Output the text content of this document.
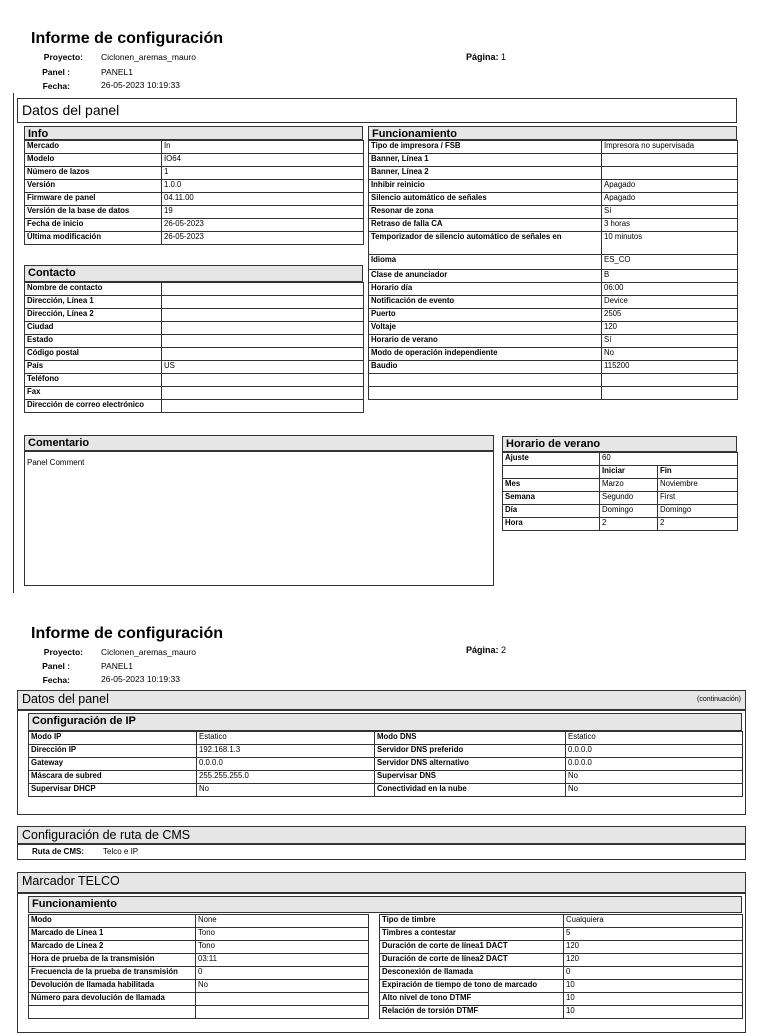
Informe de configuración
Proyecto: Ciclonen_aremas_mauro
Panel :	PANEL1
Fecha:	26-05-2023 10:19:33
Página: 1
Datos del panel
Info
Mercado	In
Modelo	IO64
Número de lazos	1
Versión	1.0.0
Firmware de panel	04.11.00
Versión de la base de datos	19
Fecha de inicio	26-05-2023
Última modificación	26-05-2023
Contacto
Nombre de contacto	
Dirección, Línea 1	
Dirección, Línea 2	
Ciudad	
Estado	
Código postal	
País	US
Teléfono	
Fax	
Dirección de correo electrónico	
Funcionamiento
Tipo de impresora / FSB	Impresora no supervisada
Banner, Línea 1	
Banner, Línea 2	
Inhibir reinicio	Apagado
Silencio automático de señales	Apagado
Resonar de zona	Sí
Retraso de falla CA	3 horas
Temporizador de silencio automático de señales en	10 minutos
Idioma	ES_CO
Clase de anunciador	B
Horario día	06:00
Notificación de evento	Device
Puerto	2505
Voltaje	120
Horario de verano	Sí
Modo de operación independiente	No
Baudio	115200

Comentario
Panel Comment
Horario de verano
Ajuste	60	
	Iniciar	Fin
Mes	Marzo	Noviembre
Semana	Segundo	First
Día	Domingo	Domingo
Hora	2	2
Informe de configuración
Proyecto: Ciclonen_aremas_mauro
Panel :	PANEL1
Fecha:	26-05-2023 10:19:33
Página: 2
Datos del panel	(continuación)
Configuración de IP
Modo IP	Estatico	Modo DNS	Estatico
Dirección IP	192.168.1.3	Servidor DNS preferido	0.0.0.0
Gateway	0.0.0.0	Servidor DNS alternativo	0.0.0.0
Máscara de subred	255.255.255.0	Supervisar DNS	No
Supervisar DHCP	No	Conectividad en la nube	No
Configuración de ruta de CMS
Ruta de CMS: Telco e IP
Marcador TELCO
Funcionamiento
Modo	None
Marcado de Línea 1	Tono
Marcado de Línea 2	Tono
Hora de prueba de la transmisión	03:11
Frecuencia de la prueba de transmisión	0
Devolución de llamada habilitada	No
Número para devolución de llamada	

Tipo de timbre	Cualquiera
Timbres a contestar	5
Duración de corte de línea1 DACT	120
Duración de corte de línea2 DACT	120
Desconexión de llamada	0
Expiración de tiempo de tono de marcado	10
Alto nivel de tono DTMF	10
Relación de torsión DTMF	10
